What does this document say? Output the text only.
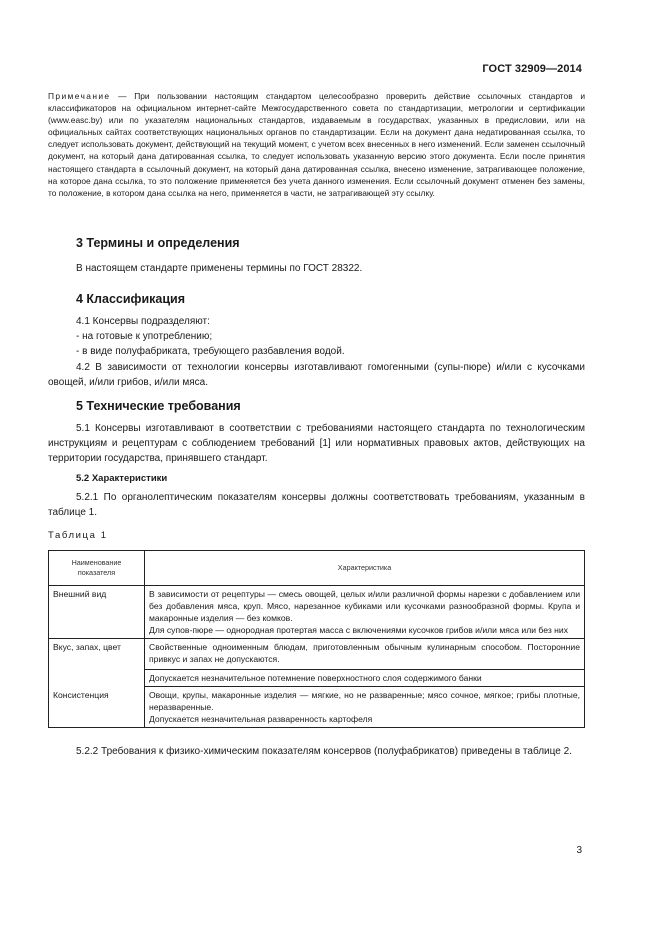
ГОСТ 32909—2014
Примечание — При пользовании настоящим стандартом целесообразно проверить действие ссылочных стандартов и классификаторов на официальном интернет-сайте Межгосударственного совета по стандартизации, метрологии и сертификации (www.easc.by) или по указателям национальных стандартов, издаваемым в государствах, указанных в предисловии, или на официальных сайтах соответствующих национальных органов по стандартизации. Если на документ дана недатированная ссылка, то следует использовать документ, действующий на текущий момент, с учетом всех внесенных в него изменений. Если заменен ссылочный документ, на который дана датированная ссылка, то следует использовать указанную версию этого документа. Если после принятия настоящего стандарта в ссылочный документ, на который дана датированная ссылка, внесено изменение, затрагивающее положение, на которое дана ссылка, то это положение применяется без учета данного изменения. Если ссылочный документ отменен без замены, то положение, в котором дана ссылка на него, применяется в части, не затрагивающей эту ссылку.
3 Термины и определения
В настоящем стандарте применены термины по ГОСТ 28322.
4 Классификация
4.1 Консервы подразделяют:
- на готовые к употреблению;
- в виде полуфабриката, требующего разбавления водой.
4.2 В зависимости от технологии консервы изготавливают гомогенными (супы-пюре) и/или с кусочками овощей, и/или грибов, и/или мяса.
5 Технические требования
5.1 Консервы изготавливают в соответствии с требованиями настоящего стандарта по технологическим инструкциям и рецептурам с соблюдением требований [1] или нормативных правовых актов, действующих на территории государства, принявшего стандарт.
5.2 Характеристики
5.2.1 По органолептическим показателям консервы должны соответствовать требованиям, указанным в таблице 1.
Таблица 1
Наименование показателя	Характеристика
Внешний вид	В зависимости от рецептуры — смесь овощей, целых и/или различной формы нарезки с добавлением или без добавления мяса, круп. Мясо, нарезанное кубиками или кусочками разнообразной формы. Крупа и макаронные изделия — без комков.
Для супов-пюре — однородная протертая масса с включениями кусочков грибов и/или мяса или без них

Вкус, запах, цвет	Свойственные одноименным блюдам, приготовленным обычным кулинарным способом. Посторонние привкус и запах не допускаются.
	Допускается незначительное потемнение поверхностного слоя содержимого банки
Консистенция	Овощи, крупы, макаронные изделия — мягкие, но не разваренные; мясо сочное, мягкое; грибы плотные, неразваренные.
Допускается незначительная разваренность картофеля
5.2.2 Требования к физико-химическим показателям консервов (полуфабрикатов) приведены в таблице 2.
3
